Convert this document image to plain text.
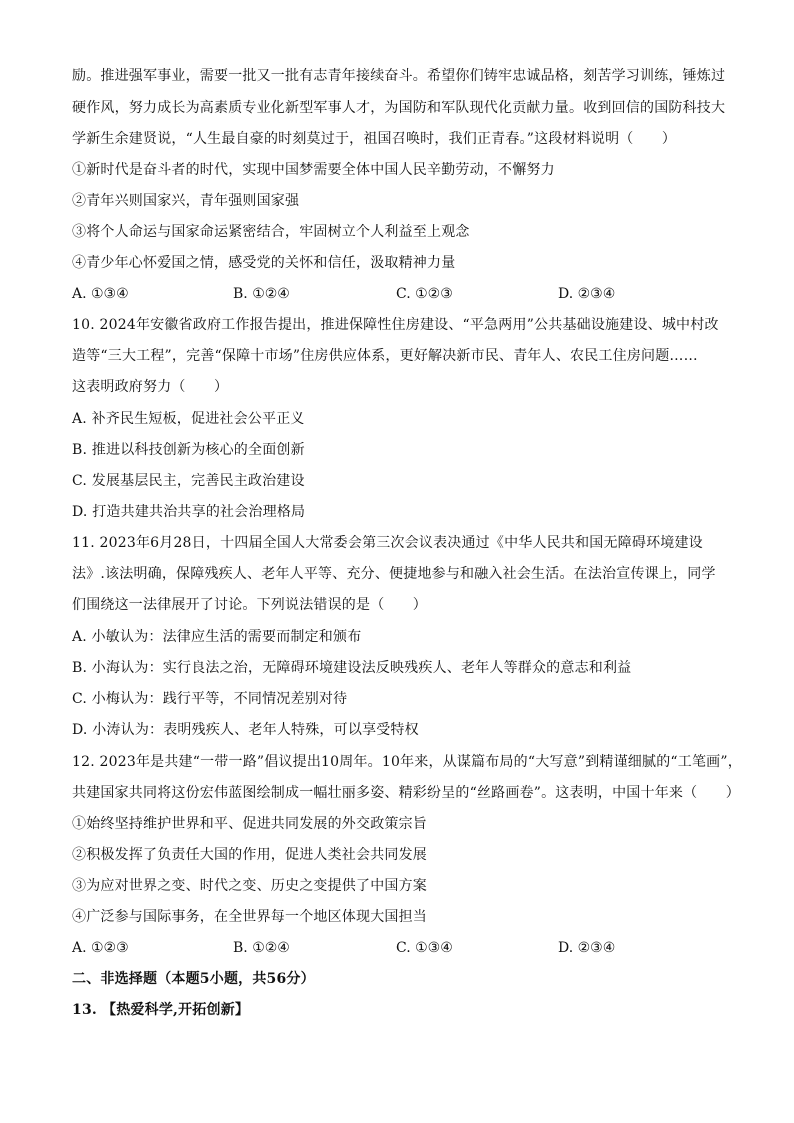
励。推进强军事业，需要一批又一批有志青年接续奋斗。希望你们铸牢忠诚品格，刻苦学习训练，锤炼过
硬作风，努力成长为高素质专业化新型军事人才，为国防和军队现代化贡献力量。收到回信的国防科技大
学新生余建贤说，“人生最自豪的时刻莫过于，祖国召唤时，我们正青春。”这段材料说明（　　）
①新时代是奋斗者的时代，实现中国梦需要全体中国人民辛勤劳动，不懈努力
②青年兴则国家兴，青年强则国家强
③将个人命运与国家命运紧密结合，牢固树立个人利益至上观念
④青少年心怀爱国之情，感受党的关怀和信任，汲取精神力量
A. ①③④	B. ①②④	C. ①②③	D. ②③④
10. 2024年安徽省政府工作报告提出，推进保障性住房建设、“平急两用”公共基础设施建设、城中村改
造等“三大工程”，完善“保障十市场”住房供应体系，更好解决新市民、青年人、农民工住房问题……
这表明政府努力（　　）
A. 补齐民生短板，促进社会公平正义
B. 推进以科技创新为核心的全面创新
C. 发展基层民主，完善民主政治建设
D. 打造共建共治共享的社会治理格局
11. 2023年6月28日，十四届全国人大常委会第三次会议表决通过《中华人民共和国无障碍环境建设
法》.该法明确，保障残疾人、老年人平等、充分、便捷地参与和融入社会生活。在法治宣传课上，同学
们围绕这一法律展开了讨论。下列说法错误的是（　　）
A. 小敏认为：法律应生活的需要而制定和颁布
B. 小海认为：实行良法之治，无障碍环境建设法反映残疾人、老年人等群众的意志和利益
C. 小梅认为：践行平等，不同情况差别对待
D. 小涛认为：表明残疾人、老年人特殊，可以享受特权
12. 2023年是共建“一带一路”倡议提出10周年。10年来，从谋篇布局的“大写意”到精谨细腻的“工笔画”，
共建国家共同将这份宏伟蓝图绘制成一幅壮丽多姿、精彩纷呈的“丝路画卷”。这表明，中国十年来（　　）
①始终坚持维护世界和平、促进共同发展的外交政策宗旨
②积极发挥了负责任大国的作用，促进人类社会共同发展
③为应对世界之变、时代之变、历史之变提供了中国方案
④广泛参与国际事务，在全世界每一个地区体现大国担当
A. ①②③	B. ①②④	C. ①③④	D. ②③④
二、非选择题（本题5小题，共56分）
13. 【热爱科学,开拓创新】
